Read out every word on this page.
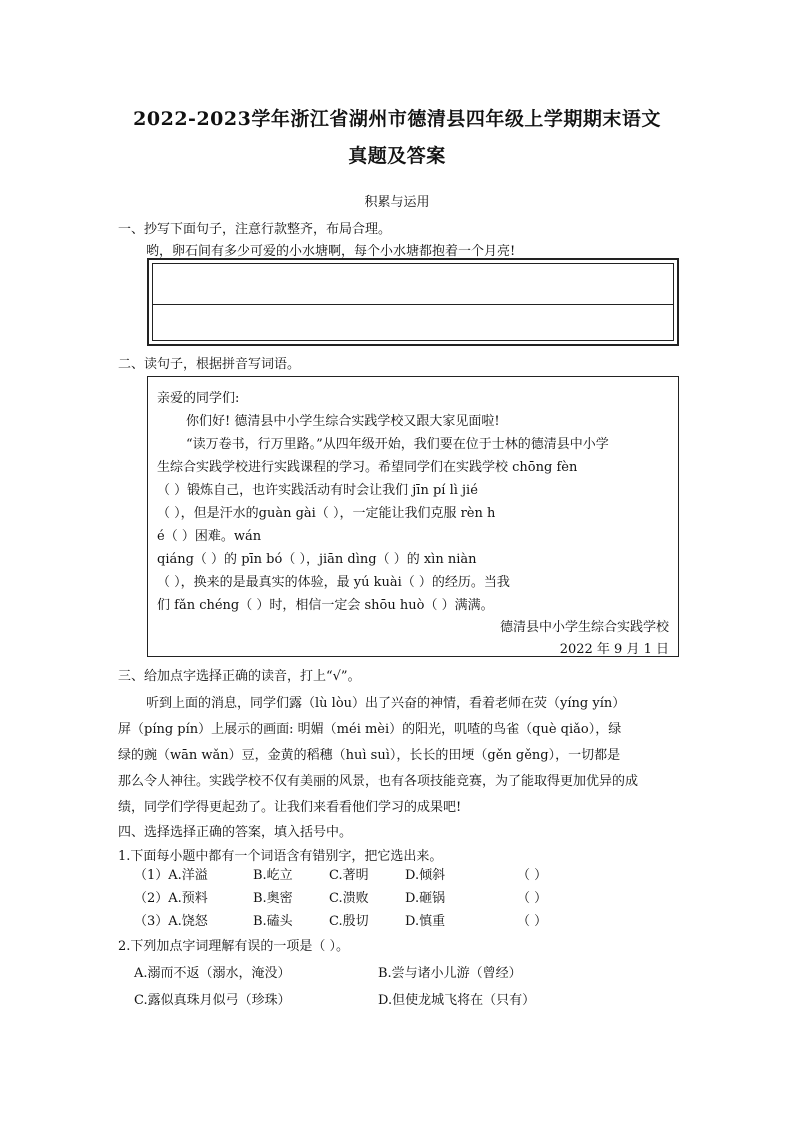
2022-2023学年浙江省湖州市德清县四年级上学期期末语文
真题及答案
积累与运用
一、抄写下面句子，注意行款整齐，布局合理。
哟，卵石间有多少可爱的小水塘啊，每个小水塘都抱着一个月亮!
二、读句子，根据拼音写词语。
亲爱的同学们:
你们好! 德清县中小学生综合实践学校又跟大家见面啦!
“读万卷书，行万里路。”从四年级开始，我们要在位于士林的德清县中小学
生综合实践学校进行实践课程的学习。希望同学们在实践学校 chōng fèn
（ ）锻炼自己，也许实践活动有时会让我们 jīn pí lì jié
（ ），但是汗水的guàn gài（ ），一定能让我们克服 rèn h
é（ ）困难。wán
qiáng（ ）的 pīn bó（ ），jiān dìng（ ）的 xìn niàn
（ ），换来的是最真实的体验，最 yú kuài（ ）的经历。当我
们 fǎn chéng（ ）时，相信一定会 shōu huò（ ）满满。
德清县中小学生综合实践学校
2022 年 9 月 1 日
三、给加点字选择正确的读音，打上“√”。
听到上面的消息，同学们露（lù lòu）出了兴奋的神情，看着老师在荧（yíng yín）
屏（píng pín）上展示的画面: 明媚（méi mèi）的阳光，叽喳的鸟雀（què qiǎo），绿
绿的豌（wān wǎn）豆，金黄的稻穗（huì suì），长长的田埂（gěn gěng），一切都是
那么令人神往。实践学校不仅有美丽的风景，也有各项技能竞赛，为了能取得更加优异的成
绩，同学们学得更起劲了。让我们来看看他们学习的成果吧!
四、选择选择正确的答案，填入括号中。
1.下面每小题中都有一个词语含有错别字，把它选出来。
（1）A.洋溢	B.屹立	C.著明	D.倾斜	（ ）
（2）A.预料	B.奥密	C.溃败	D.砸锅	（ ）
（3）A.饶怒	B.磕头	C.殷切	D.慎重	（ ）
2.下列加点字词理解有误的一项是（ ）。
A.溺而不返（溺水，淹没）	B.尝与诸小儿游（曾经）
C.露似真珠月似弓（珍珠）	D.但使龙城飞将在（只有）
